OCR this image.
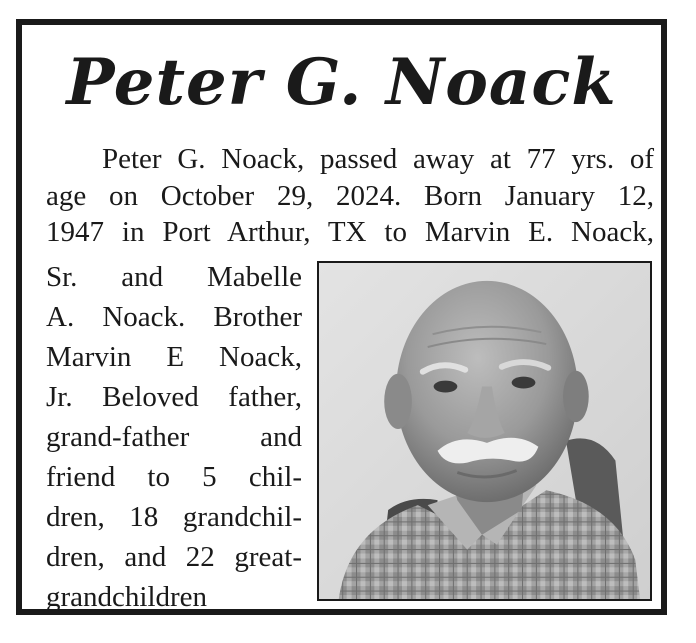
Peter G. Noack
Peter G. Noack, passed away at 77 yrs. of
age on October 29, 2024. Born January 12,
1947 in Port Arthur, TX to Marvin E. Noack,
Sr. and Mabelle
A. Noack. Brother
Marvin E Noack,
Jr. Beloved father,
grand-father and
friend to 5 chil-
dren, 18 grandchil-
dren, and 22 great-
grandchildren
